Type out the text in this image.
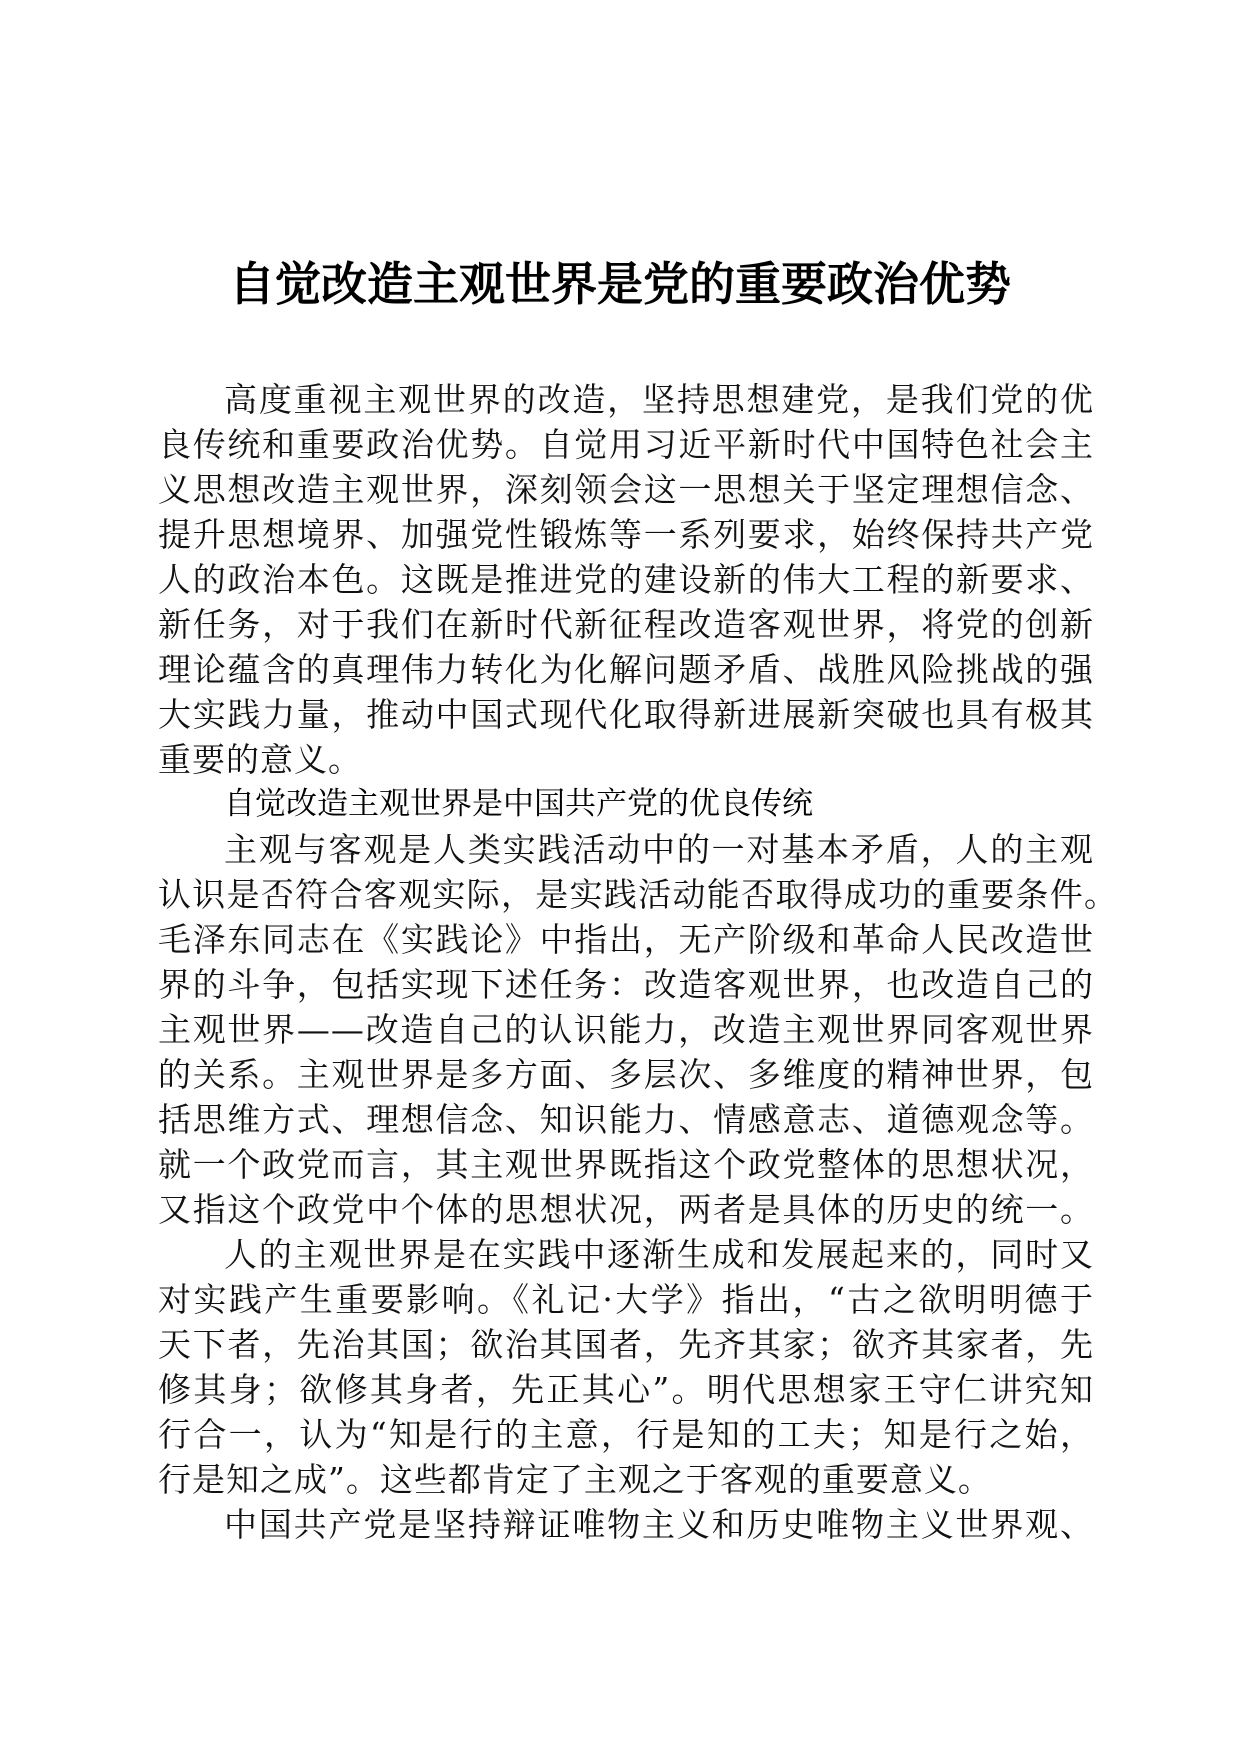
自觉改造主观世界是党的重要政治优势
高度重视主观世界的改造，坚持思想建党，是我们党的优
良传统和重要政治优势。自觉用习近平新时代中国特色社会主
义思想改造主观世界，深刻领会这一思想关于坚定理想信念、
提升思想境界、加强党性锻炼等一系列要求，始终保持共产党
人的政治本色。这既是推进党的建设新的伟大工程的新要求、
新任务，对于我们在新时代新征程改造客观世界，将党的创新
理论蕴含的真理伟力转化为化解问题矛盾、战胜风险挑战的强
大实践力量，推动中国式现代化取得新进展新突破也具有极其
重要的意义。
自觉改造主观世界是中国共产党的优良传统
主观与客观是人类实践活动中的一对基本矛盾，人的主观
认识是否符合客观实际，是实践活动能否取得成功的重要条件。
毛泽东同志在《实践论》中指出，无产阶级和革命人民改造世
界的斗争，包括实现下述任务：改造客观世界，也改造自己的
主观世界——改造自己的认识能力，改造主观世界同客观世界
的关系。主观世界是多方面、多层次、多维度的精神世界，包
括思维方式、理想信念、知识能力、情感意志、道德观念等。
就一个政党而言，其主观世界既指这个政党整体的思想状况，
又指这个政党中个体的思想状况，两者是具体的历史的统一。
人的主观世界是在实践中逐渐生成和发展起来的，同时又
对实践产生重要影响。《礼记·大学》指出，“古之欲明明德于
天下者，先治其国；欲治其国者，先齐其家；欲齐其家者，先
修其身；欲修其身者，先正其心”。明代思想家王守仁讲究知
行合一，认为“知是行的主意，行是知的工夫；知是行之始，
行是知之成”。这些都肯定了主观之于客观的重要意义。
中国共产党是坚持辩证唯物主义和历史唯物主义世界观、
